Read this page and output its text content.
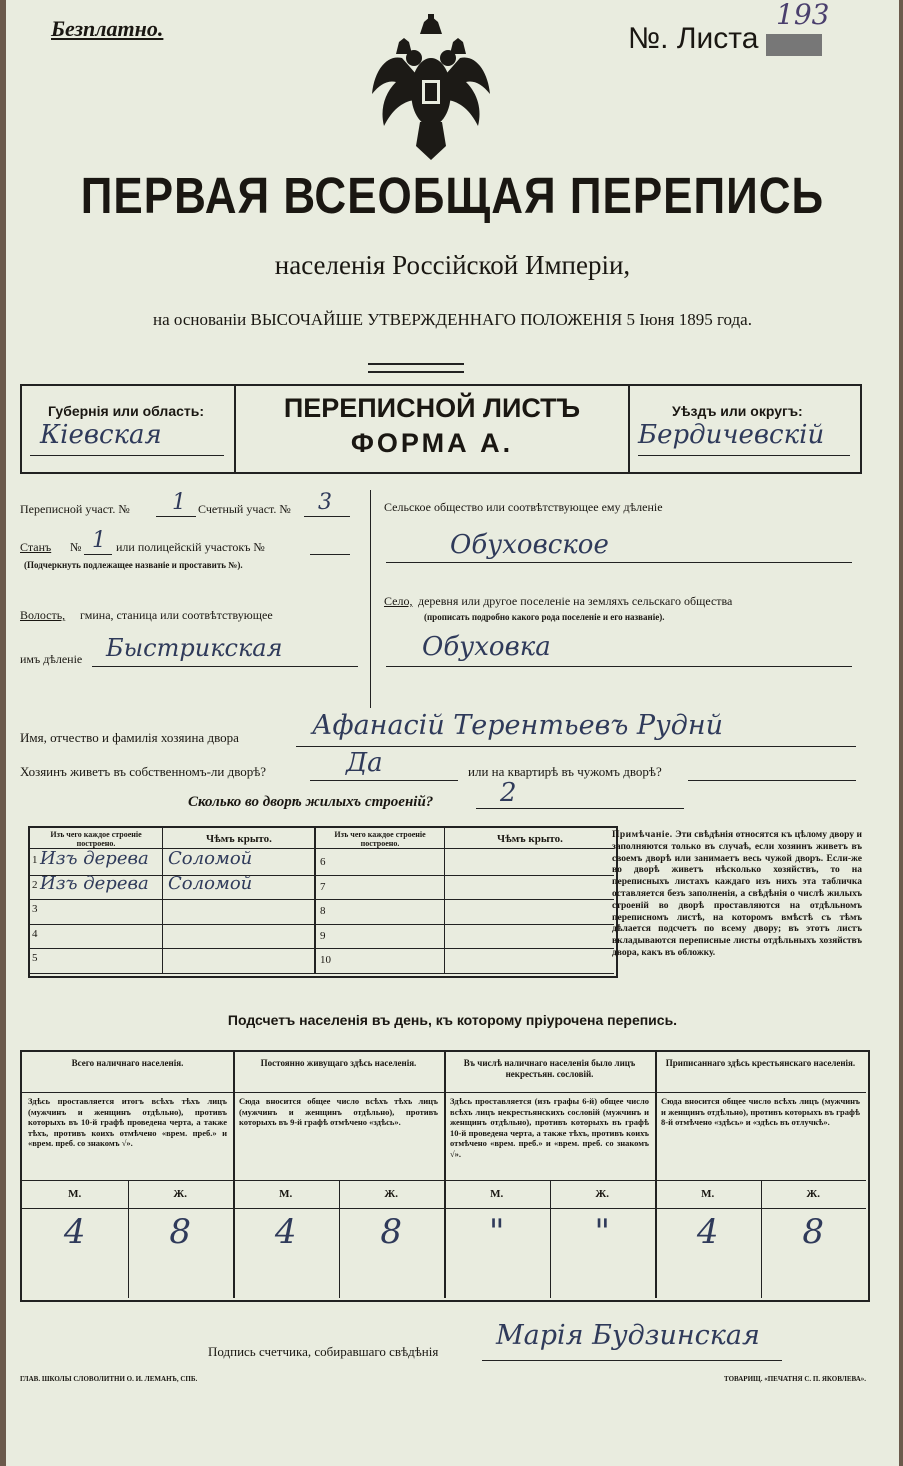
Безплатно.	№. Листа
193
ПЕРВАЯ ВСЕОБЩАЯ ПЕРЕПИСЬ
населенія Россійской Имперіи,
на основаніи ВЫСОЧАЙШЕ УТВЕРЖДЕННАГО ПОЛОЖЕНІЯ 5 Іюня 1895 года.
Губернія или область:
Кіевская
ПЕРЕПИСНОЙ ЛИСТЪ
ФОРМА А.
Уѣздъ или округъ:
Бердичевскій
Переписной участ. № 1 Счетный участ. № 3
Станъ № 1 или полицейскій участокъ №
(Подчеркнуть подлежащее названіе и проставить №).
Волость, гмина, станица или соотвѣтствующее
имъ дѣленіе Быстрикская
Сельское общество или соотвѣтствующее ему дѣленіе
Обуховское
Село, деревня или другое поселеніе на земляхъ сельскаго общества
(прописать подробно какого рода поселеніе и его названіе).
Обуховка
Имя, отчество и фамилія хозяина двора	Афанасій Терентьевъ Руднй
Хозяинъ живетъ въ собственномъ-ли дворѣ?	Да	или на квартирѣ въ чужомъ дворѣ?
Сколько во дворѣ жилыхъ строеній?	2
Изъ чего каждое строеніе построено.	Чѣмъ крыто.	Изъ чего каждое строеніе построено.	Чѣмъ крыто.
1 Изъ дерева Соломой
2 Изъ дерева Соломой
3
4
5
6
7
8
9
10
Примѣчаніе. Эти свѣдѣнія относятся къ цѣлому двору и заполняются только въ случаѣ, если хозяинъ живетъ въ своемъ дворѣ или занимаетъ весь чужой дворъ. Если-же во дворѣ живетъ нѣсколько хозяйствъ, то на переписныхъ листахъ каждаго изъ нихъ эта табличка оставляется безъ заполненія, а свѣдѣнія о числѣ жилыхъ строеній во дворѣ проставляются на отдѣльномъ переписномъ листѣ, на которомъ вмѣстѣ съ тѣмъ дѣлается подсчетъ по всему двору; въ этотъ листъ вкладываются переписные листы отдѣльныхъ хозяйствъ двора, какъ въ обложку.
Подсчетъ населенія въ день, къ которому пріурочена перепись.
Всего наличнаго населенія.
Здѣсь проставляется итогъ всѣхъ тѣхъ лицъ (мужчинъ и женщинъ отдѣльно), противъ которыхъ въ 10-й графѣ проведена черта, а также тѣхъ, противъ коихъ отмѣчено «врем. преб.» и «врем. преб. со знакомъ √».
М.	Ж.
4	8
Постоянно живущаго здѣсь населенія.
Сюда вносится общее число всѣхъ тѣхъ лицъ (мужчинъ и женщинъ отдѣльно), противъ которыхъ въ 9-й графѣ отмѣчено «здѣсь».
М.	Ж.
4	8
Въ числѣ наличнаго населенія было лицъ некрестьян. сословій.
Здѣсь проставляется (изъ графы 6-й) общее число всѣхъ лицъ некрестьянскихъ сословій (мужчинъ и женщинъ отдѣльно), противъ которыхъ въ графѣ 10-й проведена черта, а также тѣхъ, противъ коихъ отмѣчено «врем. преб.» и «врем. преб. со знакомъ √».
М.	Ж.
"	"
Приписаннаго здѣсь крестьянскаго населенія.
Сюда вносится общее число всѣхъ лицъ (мужчинъ и женщинъ отдѣльно), противъ которыхъ въ графѣ 8-й отмѣчено «здѣсь» и «здѣсь въ отлучкѣ».
М.	Ж.
4	8
Подпись счетчика, собиравшаго свѣдѣнія
Марія Будзинская
ГЛАВ. ШКОЛЫ СЛОВОЛИТНИ О. И. ЛЕМАНЪ, СПБ.	ТОВАРИЩ. «ПЕЧАТНЯ С. П. ЯКОВЛЕВА».
